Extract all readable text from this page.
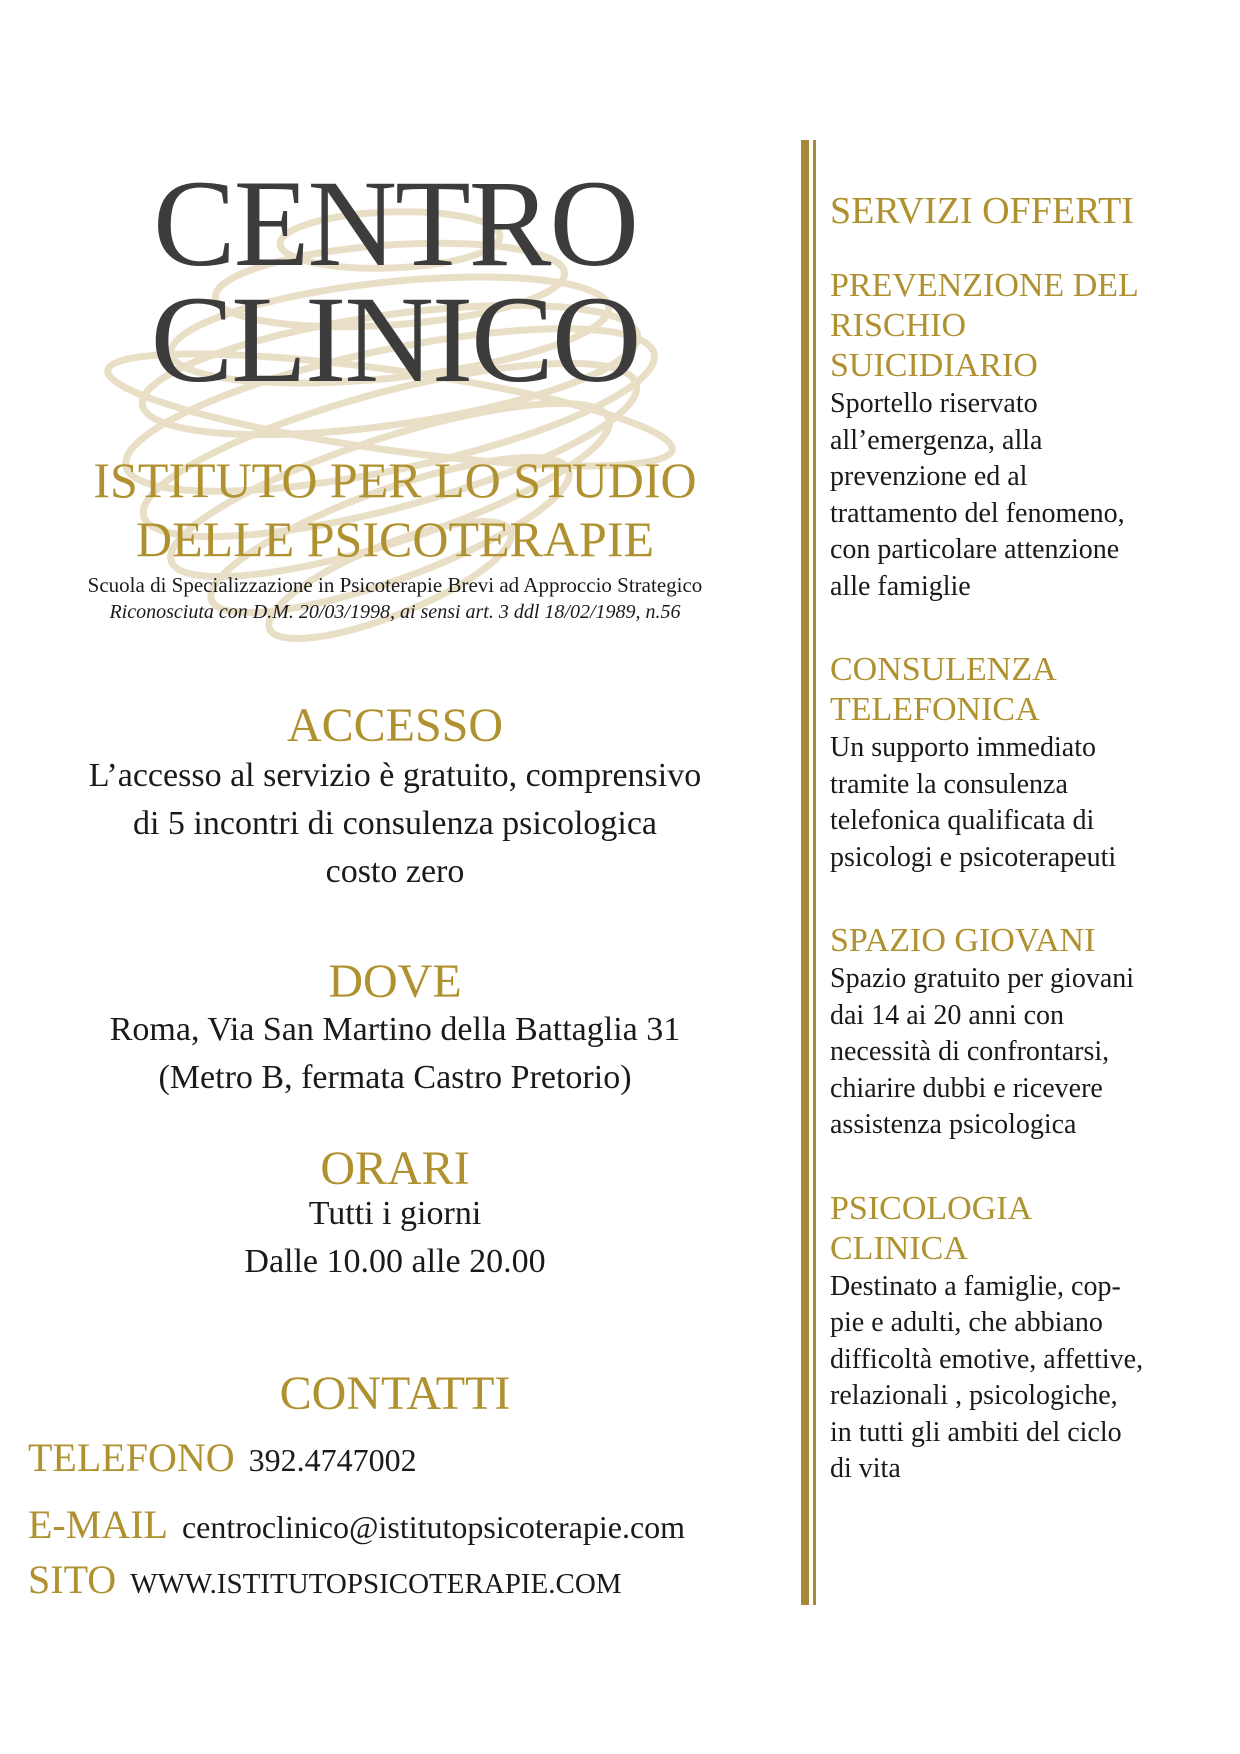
CENTRO
CLINICO
ISTITUTO PER LO STUDIO
DELLE PSICOTERAPIE
Scuola di Specializzazione in Psicoterapie Brevi ad Approccio Strategico
Riconosciuta con D.M. 20/03/1998, ai sensi art. 3 ddl 18/02/1989, n.56
ACCESSO
L’accesso al servizio è gratuito, comprensivo
di 5 incontri di consulenza psicologica
costo zero
DOVE
Roma, Via San Martino della Battaglia 31
(Metro B, fermata Castro Pretorio)
ORARI
Tutti i giorni
Dalle 10.00 alle 20.00
CONTATTI
TELEFONO 392.4747002
E-MAIL centroclinico@istitutopsicoterapie.com
SITO WWW.ISTITUTOPSICOTERAPIE.COM
SERVIZI OFFERTI
PREVENZIONE DEL
RISCHIO
SUICIDIARIO
Sportello riservato
all’emergenza, alla
prevenzione ed al
trattamento del fenomeno,
con particolare attenzione
alle famiglie
CONSULENZA
TELEFONICA
Un supporto immediato
tramite la consulenza
telefonica qualificata di
psicologi e psicoterapeuti
SPAZIO GIOVANI
Spazio gratuito per giovani
dai 14 ai 20 anni con
necessità di confrontarsi,
chiarire dubbi e ricevere
assistenza psicologica
PSICOLOGIA
CLINICA
Destinato a famiglie, cop-
pie e adulti, che abbiano
difficoltà emotive, affettive,
relazionali , psicologiche,
in tutti gli ambiti del ciclo
di vita
